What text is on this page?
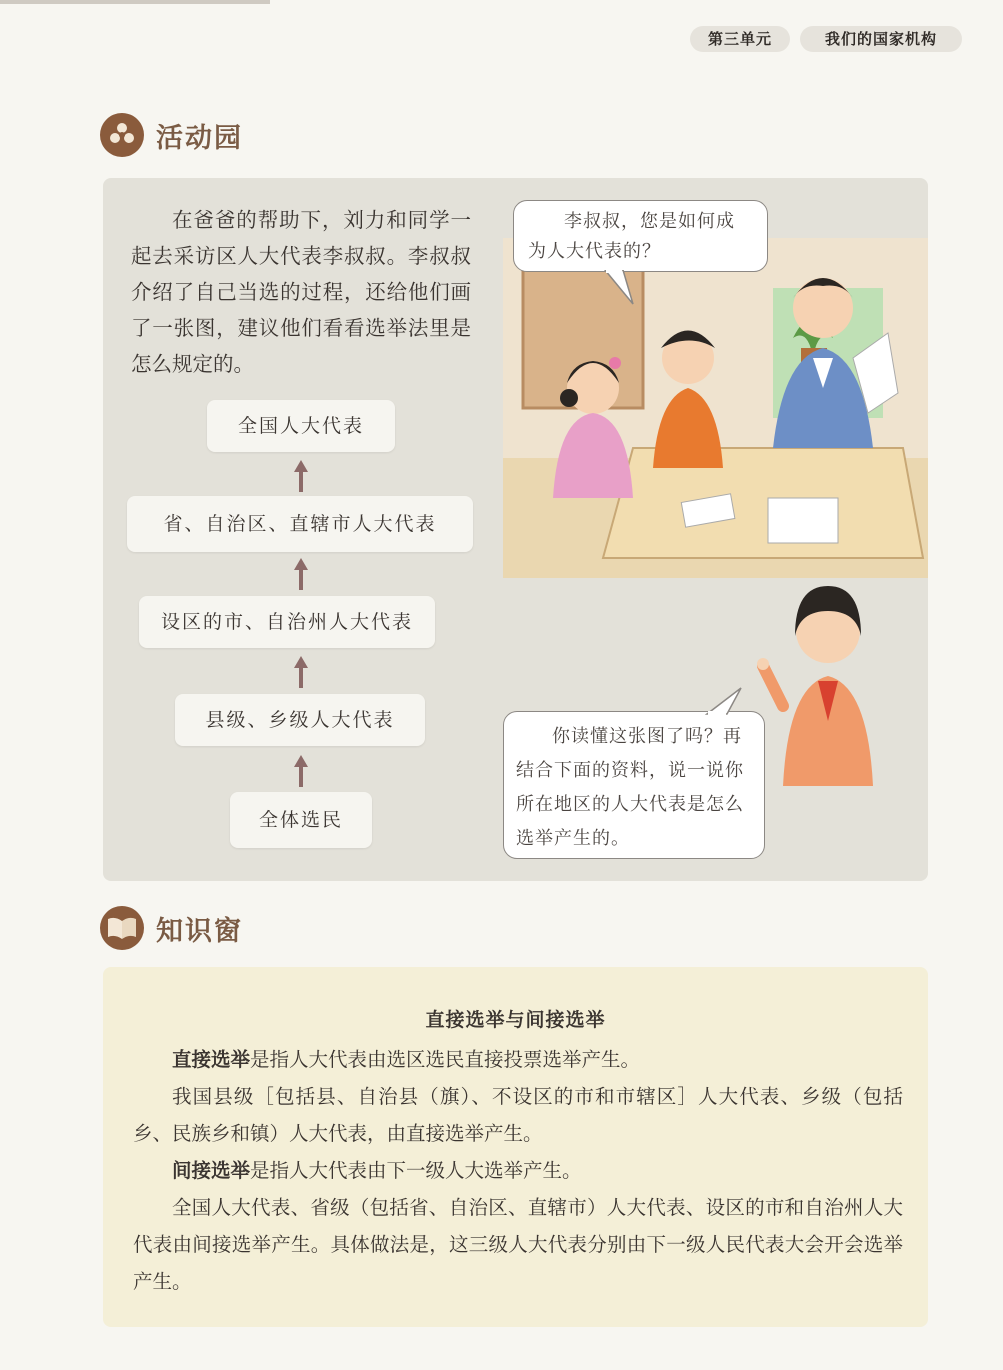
第三单元	我们的国家机构
活动园

在爸爸的帮助下，刘力和同学一起去采访区人大代表李叔叔。李叔叔介绍了自己当选的过程，还给他们画了一张图，建议他们看看选举法里是怎么规定的。

全国人大代表
省、自治区、直辖市人大代表
设区的市、自治州人大代表
县级、乡级人大代表
全体选民

李叔叔，您是如何成为人大代表的？

你读懂这张图了吗？再结合下面的资料，说一说你所在地区的人大代表是怎么选举产生的。

知识窗
直接选举与间接选举

直接选举是指人大代表由选区选民直接投票选举产生。

我国县级［包括县、自治县（旗）、不设区的市和市辖区］人大代表、乡级（包括乡、民族乡和镇）人大代表，由直接选举产生。

间接选举是指人大代表由下一级人大选举产生。

全国人大代表、省级（包括省、自治区、直辖市）人大代表、设区的市和自治州人大代表由间接选举产生。具体做法是，这三级人大代表分别由下一级人民代表大会开会选举产生。
